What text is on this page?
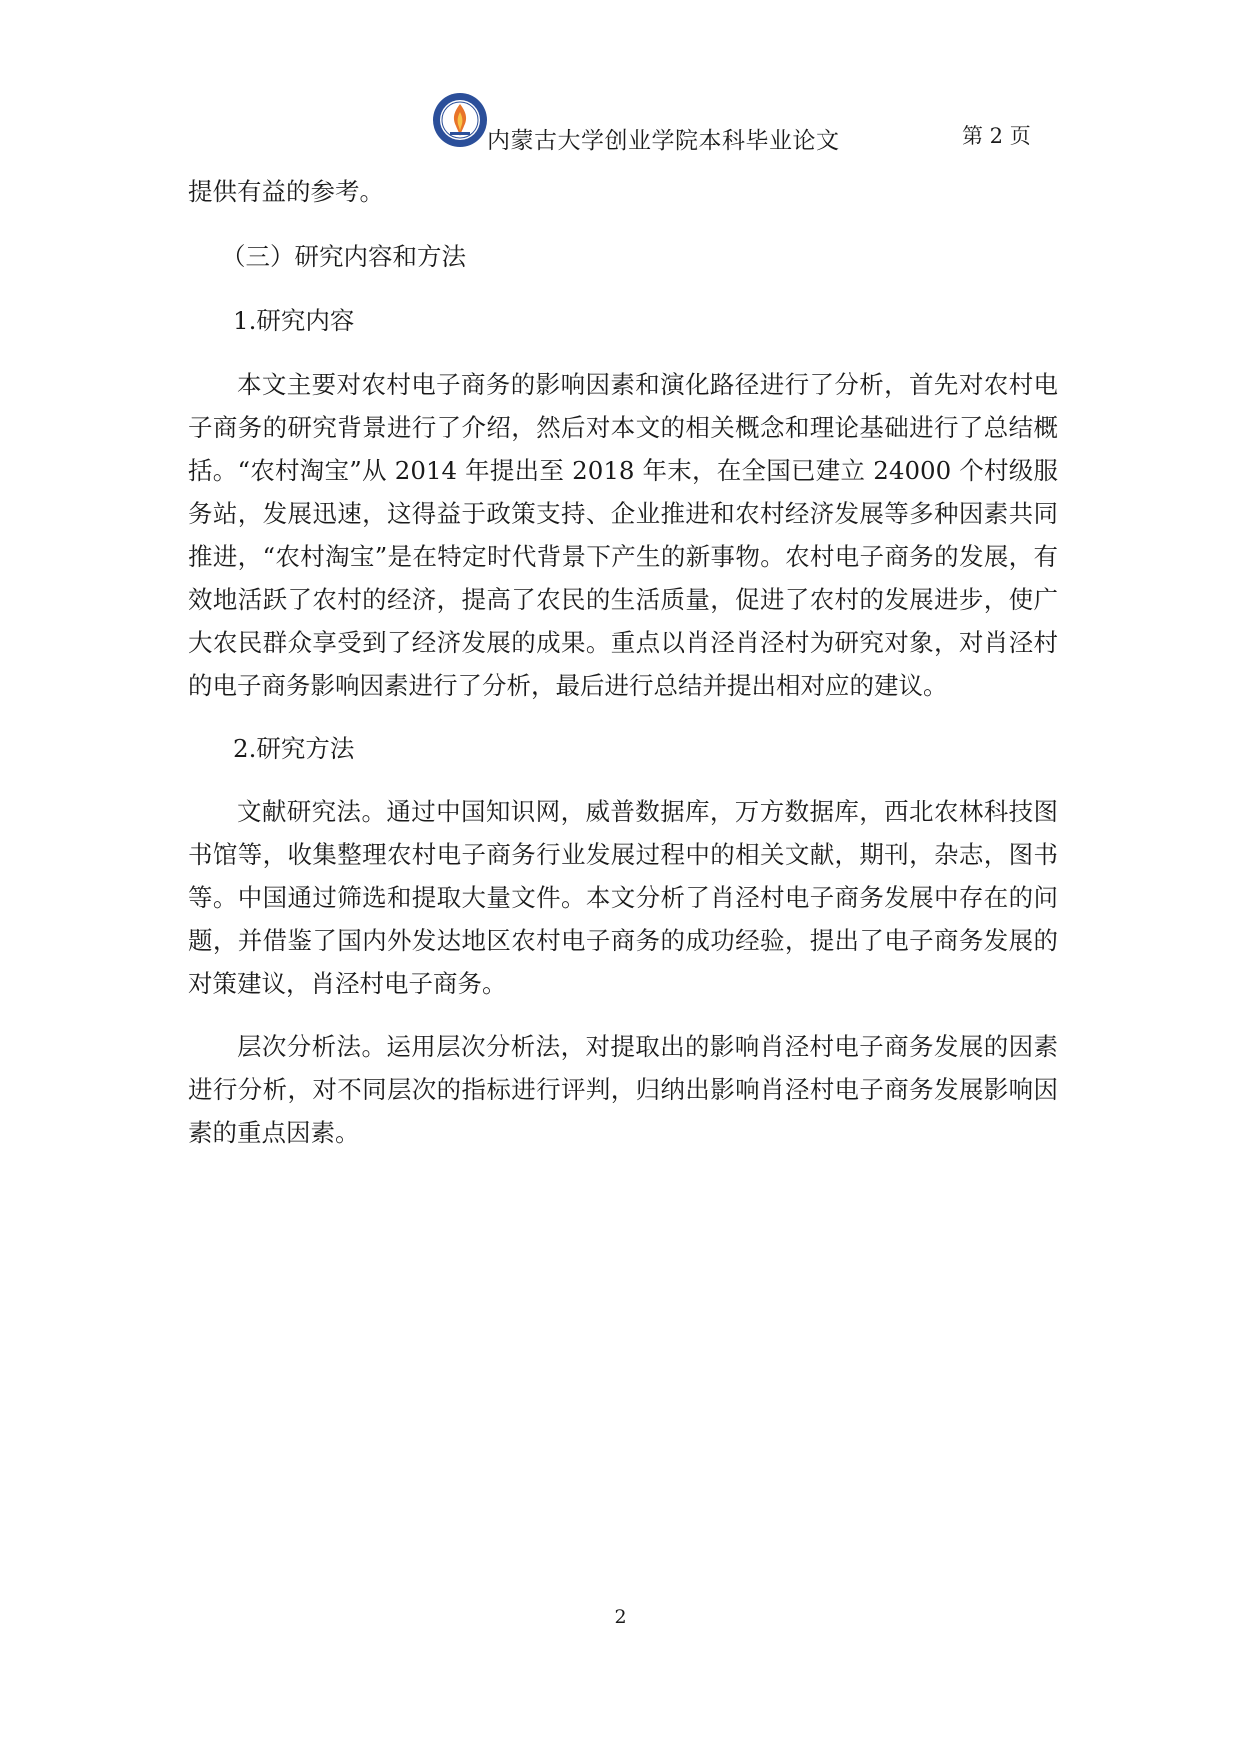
内蒙古大学创业学院本科毕业论文	第 2 页

提供有益的参考。

（三）研究内容和方法

1.研究内容

本文主要对农村电子商务的影响因素和演化路径进行了分析，首先对农村电子商务的研究背景进行了介绍，然后对本文的相关概念和理论基础进行了总结概括。“农村淘宝”从 2014 年提出至 2018 年末，在全国已建立 24000 个村级服务站，发展迅速，这得益于政策支持、企业推进和农村经济发展等多种因素共同推进，“农村淘宝”是在特定时代背景下产生的新事物。农村电子商务的发展，有效地活跃了农村的经济，提高了农民的生活质量，促进了农村的发展进步，使广大农民群众享受到了经济发展的成果。重点以肖泾肖泾村为研究对象，对肖泾村的电子商务影响因素进行了分析，最后进行总结并提出相对应的建议。

2.研究方法

文献研究法。通过中国知识网，威普数据库，万方数据库，西北农林科技图书馆等，收集整理农村电子商务行业发展过程中的相关文献，期刊，杂志，图书等。中国通过筛选和提取大量文件。本文分析了肖泾村电子商务发展中存在的问题，并借鉴了国内外发达地区农村电子商务的成功经验，提出了电子商务发展的对策建议，肖泾村电子商务。

层次分析法。运用层次分析法，对提取出的影响肖泾村电子商务发展的因素进行分析，对不同层次的指标进行评判，归纳出影响肖泾村电子商务发展影响因素的重点因素。

2
